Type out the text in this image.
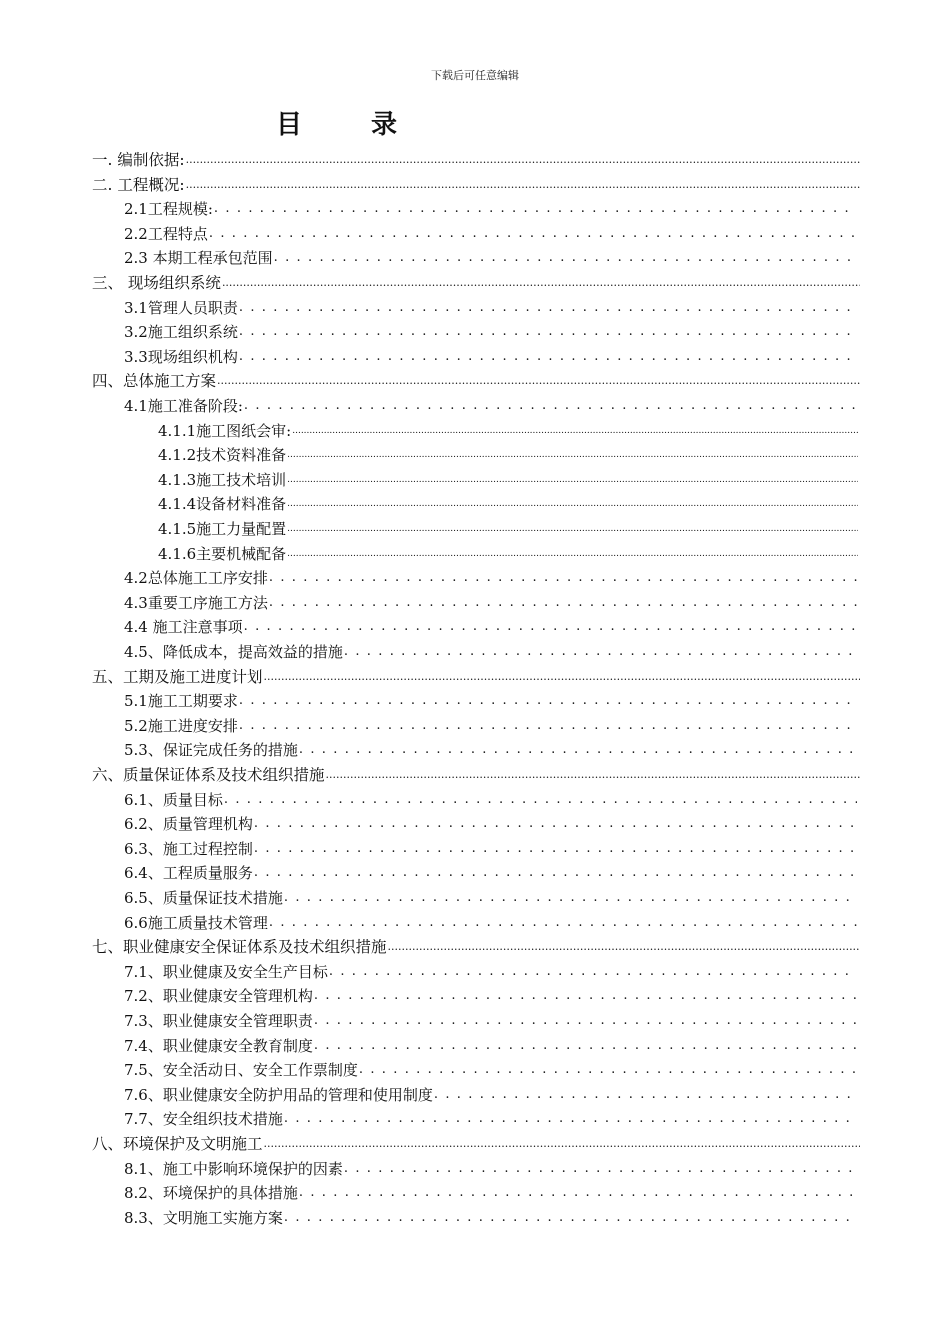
下载后可任意编辑
目 录
一. 编制依据:
.....
二. 工程概况:
.....
2.1工程规模:
. . .
2.2工程特点
. . .
2.3 本期工程承包范围
. . .
三、 现场组织系统
.....
3.1管理人员职责
. . .
3.2施工组织系统
. . .
3.3现场组织机构
. . .
四、总体施工方案
.....
4.1施工准备阶段:
. . .
4.1.1施工图纸会审:
.....
4.1.2技术资料准备
.....
4.1.3施工技术培训
.....
4.1.4设备材料准备
.....
4.1.5施工力量配置
.....
4.1.6主要机械配备
.....
4.2总体施工工序安排
. . .
4.3重要工序施工方法
. . .
4.4 施工注意事项
. . .
4.5、降低成本，提高效益的措施
. . .
五、工期及施工进度计划
.....
5.1施工工期要求
. . .
5.2施工进度安排
. . .
5.3、保证完成任务的措施
. . .
六、质量保证体系及技术组织措施
.....
6.1、质量目标
. . .
6.2、质量管理机构
. . .
6.3、施工过程控制
. . .
6.4、工程质量服务
. . .
6.5、质量保证技术措施
. . .
6.6施工质量技术管理
. . .
七、职业健康安全保证体系及技术组织措施
.....
7.1、职业健康及安全生产目标
. . .
7.2、职业健康安全管理机构
. . .
7.3、职业健康安全管理职责
. . .
7.4、职业健康安全教育制度
. . .
7.5、安全活动日、安全工作票制度
. . .
7.6、职业健康安全防护用品的管理和使用制度
. . .
7.7、安全组织技术措施
. . .
八、环境保护及文明施工
.....
8.1、施工中影响环境保护的因素
. . .
8.2、环境保护的具体措施
. . .
8.3、文明施工实施方案
. . .
